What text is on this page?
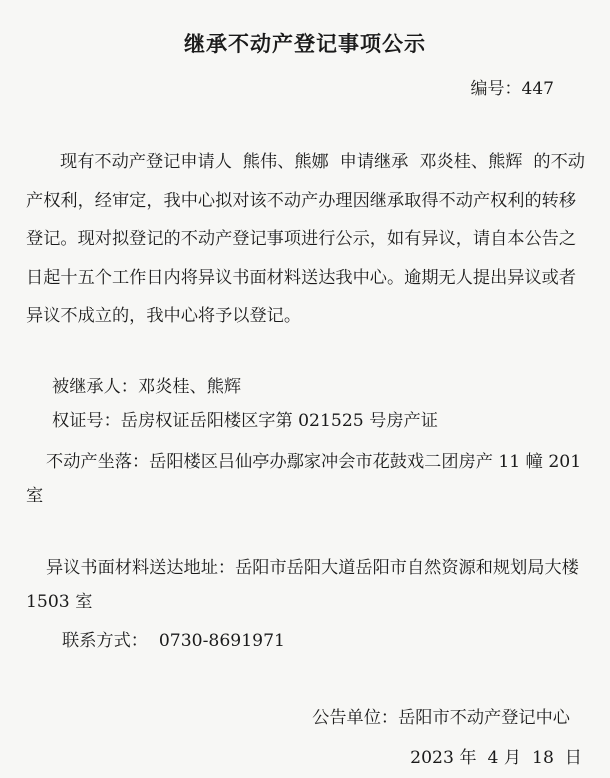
继承不动产登记事项公示
编号：447

现有不动产登记申请人  熊伟、熊娜  申请继承  邓炎桂、熊辉  的不动产权利，经审定，我中心拟对该不动产办理因继承取得不动产权利的转移登记。现对拟登记的不动产登记事项进行公示，如有异议，请自本公告之日起十五个工作日内将异议书面材料送达我中心。逾期无人提出异议或者异议不成立的，我中心将予以登记。

被继承人：邓炎桂、熊辉
权证号：岳房权证岳阳楼区字第 021525 号房产证

不动产坐落：岳阳楼区吕仙亭办鄢家冲会市花鼓戏二团房产 11 幢 201 室

异议书面材料送达地址：岳阳市岳阳大道岳阳市自然资源和规划局大楼 1503 室

联系方式：  0730-8691971
公告单位：岳阳市不动产登记中心
2023 年  4 月  18  日
